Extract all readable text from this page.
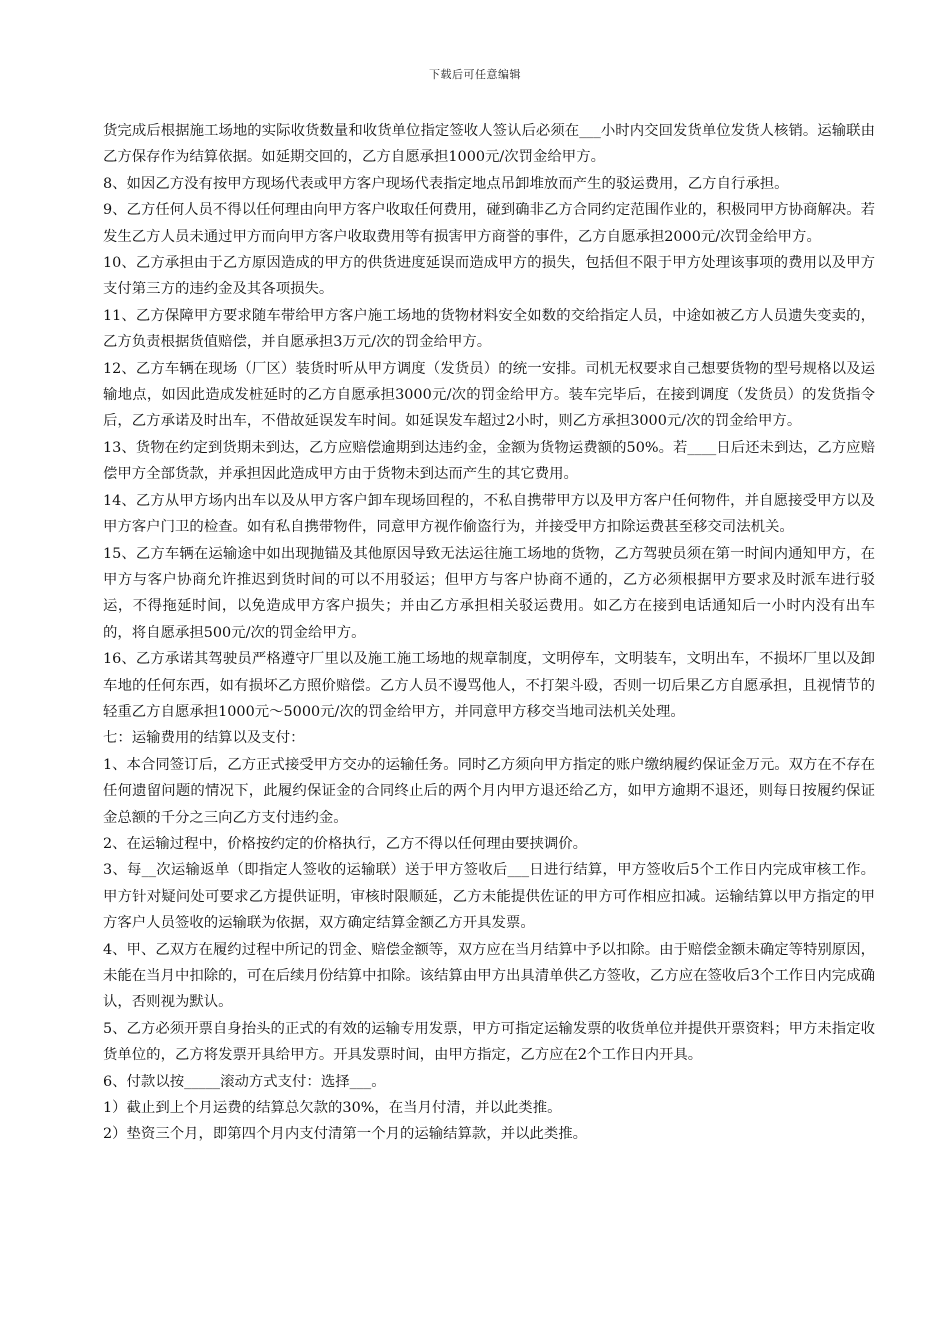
下载后可任意编辑

货完成后根据施工场地的实际收货数量和收货单位指定签收人签认后必须在___小时内交回发货单位发货人核销。运输联由乙方保存作为结算依据。如延期交回的，乙方自愿承担1000元/次罚金给甲方。

8、如因乙方没有按甲方现场代表或甲方客户现场代表指定地点吊卸堆放而产生的驳运费用，乙方自行承担。

9、乙方任何人员不得以任何理由向甲方客户收取任何费用，碰到确非乙方合同约定范围作业的，积极同甲方协商解决。若发生乙方人员未通过甲方而向甲方客户收取费用等有损害甲方商誉的事件，乙方自愿承担2000元/次罚金给甲方。

10、乙方承担由于乙方原因造成的甲方的供货进度延误而造成甲方的损失，包括但不限于甲方处理该事项的费用以及甲方支付第三方的违约金及其各项损失。

11、乙方保障甲方要求随车带给甲方客户施工场地的货物材料安全如数的交给指定人员，中途如被乙方人员遗失变卖的，乙方负责根据货值赔偿，并自愿承担3万元/次的罚金给甲方。

12、乙方车辆在现场（厂区）装货时听从甲方调度（发货员）的统一安排。司机无权要求自己想要货物的型号规格以及运输地点，如因此造成发桩延时的乙方自愿承担3000元/次的罚金给甲方。装车完毕后，在接到调度（发货员）的发货指令后，乙方承诺及时出车，不借故延误发车时间。如延误发车超过2小时，则乙方承担3000元/次的罚金给甲方。

13、货物在约定到货期未到达，乙方应赔偿逾期到达违约金，金额为货物运费额的50%。若____日后还未到达，乙方应赔偿甲方全部货款，并承担因此造成甲方由于货物未到达而产生的其它费用。

14、乙方从甲方场内出车以及从甲方客户卸车现场回程的，不私自携带甲方以及甲方客户任何物件，并自愿接受甲方以及甲方客户门卫的检查。如有私自携带物件，同意甲方视作偷盗行为，并接受甲方扣除运费甚至移交司法机关。

15、乙方车辆在运输途中如出现抛锚及其他原因导致无法运往施工场地的货物，乙方驾驶员须在第一时间内通知甲方，在甲方与客户协商允许推迟到货时间的可以不用驳运；但甲方与客户协商不通的，乙方必须根据甲方要求及时派车进行驳运，不得拖延时间，以免造成甲方客户损失；并由乙方承担相关驳运费用。如乙方在接到电话通知后一小时内没有出车的，将自愿承担500元/次的罚金给甲方。

16、乙方承诺其驾驶员严格遵守厂里以及施工施工场地的规章制度，文明停车，文明装车，文明出车，不损坏厂里以及卸车地的任何东西，如有损坏乙方照价赔偿。乙方人员不谩骂他人，不打架斗殴，否则一切后果乙方自愿承担，且视情节的轻重乙方自愿承担1000元～5000元/次的罚金给甲方，并同意甲方移交当地司法机关处理。

七：运输费用的结算以及支付：

1、本合同签订后，乙方正式接受甲方交办的运输任务。同时乙方须向甲方指定的账户缴纳履约保证金万元。双方在不存在任何遗留问题的情况下，此履约保证金的合同终止后的两个月内甲方退还给乙方，如甲方逾期不退还，则每日按履约保证金总额的千分之三向乙方支付违约金。

2、在运输过程中，价格按约定的价格执行，乙方不得以任何理由要挟调价。

3、每__次运输返单（即指定人签收的运输联）送于甲方签收后___日进行结算，甲方签收后5个工作日内完成审核工作。甲方针对疑问处可要求乙方提供证明，审核时限顺延，乙方未能提供佐证的甲方可作相应扣减。运输结算以甲方指定的甲方客户人员签收的运输联为依据，双方确定结算金额乙方开具发票。

4、甲、乙双方在履约过程中所记的罚金、赔偿金额等，双方应在当月结算中予以扣除。由于赔偿金额未确定等特别原因，未能在当月中扣除的，可在后续月份结算中扣除。该结算由甲方出具清单供乙方签收，乙方应在签收后3个工作日内完成确认，否则视为默认。

5、乙方必须开票自身抬头的正式的有效的运输专用发票，甲方可指定运输发票的收货单位并提供开票资料；甲方未指定收货单位的，乙方将发票开具给甲方。开具发票时间，由甲方指定，乙方应在2个工作日内开具。

6、付款以按_____滚动方式支付：选择___。

1）截止到上个月运费的结算总欠款的30%，在当月付清，并以此类推。

2）垫资三个月，即第四个月内支付清第一个月的运输结算款，并以此类推。
